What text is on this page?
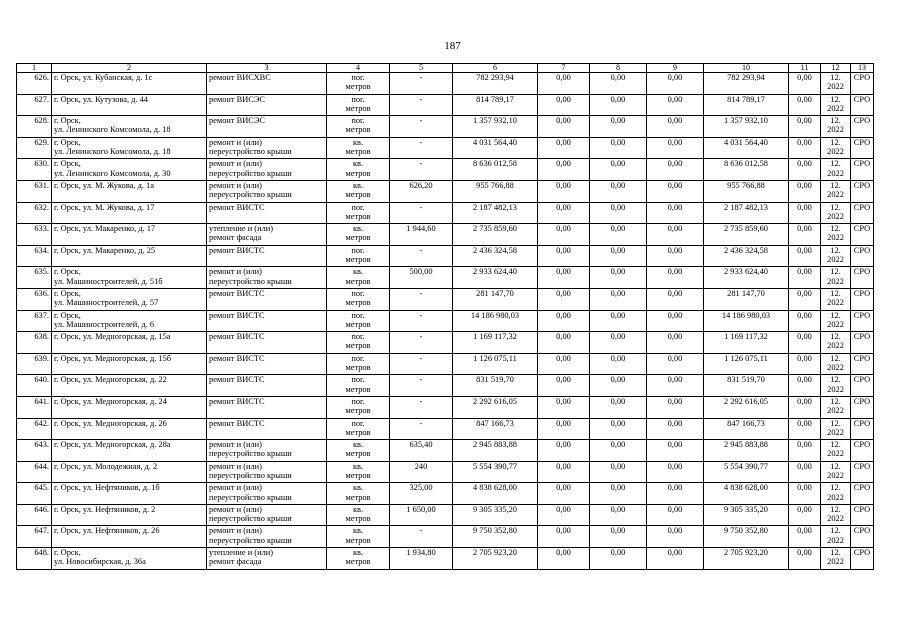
187
1	2	3	4	5	6	7	8	9	10	11	12	13

626.	г. Орск, ул. Кубанская, д. 1с	ремонт ВИСХВС	пог.
метров	-	782 293,94	0,00	0,00	0,00	782 293,94	0,00	12.
2022	СРО

627.	г. Орск, ул. Кутузова, д. 44	ремонт ВИСЭС	пог.
метров	-	814 789,17	0,00	0,00	0,00	814 789,17	0,00	12.
2022	СРО

628.	г. Орск,
ул. Ленинского Комсомола, д. 18	ремонт ВИСЭС	пог.
метров	-	1 357 932,10	0,00	0,00	0,00	1 357 932,10	0,00	12.
2022	СРО

629.	г. Орск,
ул. Ленинского Комсомола, д. 18	ремонт и (или)
переустройство крыши	кв.
метров	-	4 031 564,40	0,00	0,00	0,00	4 031 564,40	0,00	12.
2022	СРО

630.	г. Орск,
ул. Ленинского Комсомола, д. 30	ремонт и (или)
переустройство крыши	кв.
метров	-	8 636 012,58	0,00	0,00	0,00	8 636 012,58	0,00	12.
2022	СРО

631.	г. Орск, ул. М. Жукова, д. 1а	ремонт и (или)
переустройство крыши	кв.
метров	626,20	955 766,88	0,00	0,00	0,00	955 766,88	0,00	12.
2022	СРО

632.	г. Орск, ул. М. Жукова, д. 17	ремонт ВИСТС	пог.
метров	-	2 187 482,13	0,00	0,00	0,00	2 187 482,13	0,00	12.
2022	СРО

633.	г. Орск, ул. Макаренко, д. 17	утепление и (или)
ремонт фасада	кв.
метров	1 944,60	2 735 859,60	0,00	0,00	0,00	2 735 859,60	0,00	12.
2022	СРО

634.	г. Орск, ул. Макаренко, д. 25	ремонт ВИСТС	пог.
метров	-	2 436 324,58	0,00	0,00	0,00	2 436 324,58	0,00	12.
2022	СРО

635.	г. Орск,
ул. Машиностроителей, д. 51б	ремонт и (или)
переустройство крыши	кв.
метров	500,00	2 933 624,40	0,00	0,00	0,00	2 933 624,40	0,00	12.
2022	СРО

636.	г. Орск,
ул. Машиностроителей, д. 57	ремонт ВИСТС	пог.
метров	-	281 147,70	0,00	0,00	0,00	281 147,70	0,00	12.
2022	СРО

637.	г. Орск,
ул. Машиностроителей, д. 6	ремонт ВИСТС	пог.
метров	-	14 186 980,03	0,00	0,00	0,00	14 186 980,03	0,00	12.
2022	СРО

638.	г. Орск, ул. Медногорская, д. 15а	ремонт ВИСТС	пог.
метров	-	1 169 117,32	0,00	0,00	0,00	1 169 117,32	0,00	12.
2022	СРО

639.	г. Орск, ул. Медногорская, д. 15б	ремонт ВИСТС	пог.
метров	-	1 126 075,11	0,00	0,00	0,00	1 126 075,11	0,00	12.
2022	СРО

640.	г. Орск, ул. Медногорская, д. 22	ремонт ВИСТС	пог.
метров	-	831 519,70	0,00	0,00	0,00	831 519,70	0,00	12.
2022	СРО

641.	г. Орск, ул. Медногорская, д. 24	ремонт ВИСТС	пог.
метров	-	2 292 616,05	0,00	0,00	0,00	2 292 616,05	0,00	12.
2022	СРО

642.	г. Орск, ул. Медногорская, д. 26	ремонт ВИСТС	пог.
метров	-	847 166,73	0,00	0,00	0,00	847 166,73	0,00	12.
2022	СРО

643.	г. Орск, ул. Медногорская, д. 28а	ремонт и (или)
переустройство крыши	кв.
метров	635,40	2 945 883,88	0,00	0,00	0,00	2 945 883,88	0,00	12.
2022	СРО

644.	г. Орск, ул. Молодежная, д. 2	ремонт и (или)
переустройство крыши	кв.
метров	240	5 554 390,77	0,00	0,00	0,00	5 554 390,77	0,00	12.
2022	СРО

645.	г. Орск, ул. Нефтяников, д. 1б	ремонт и (или)
переустройство крыши	кв.
метров	325,00	4 838 628,00	0,00	0,00	0,00	4 838 628,00	0,00	12.
2022	СРО

646.	г. Орск, ул. Нефтяников, д. 2	ремонт и (или)
переустройство крыши	кв.
метров	1 650,00	9 305 335,20	0,00	0,00	0,00	9 305 335,20	0,00	12.
2022	СРО

647.	г. Орск, ул. Нефтяников, д. 26	ремонт и (или)
переустройство крыши	кв.
метров	-	9 750 352,80	0,00	0,00	0,00	9 750 352,80	0,00	12.
2022	СРО

648.	г. Орск,
ул. Новосибирская, д. 36а	утепление и (или)
ремонт фасада	кв.
метров	1 934,80	2 705 923,20	0,00	0,00	0,00	2 705 923,20	0,00	12.
2022	СРО
